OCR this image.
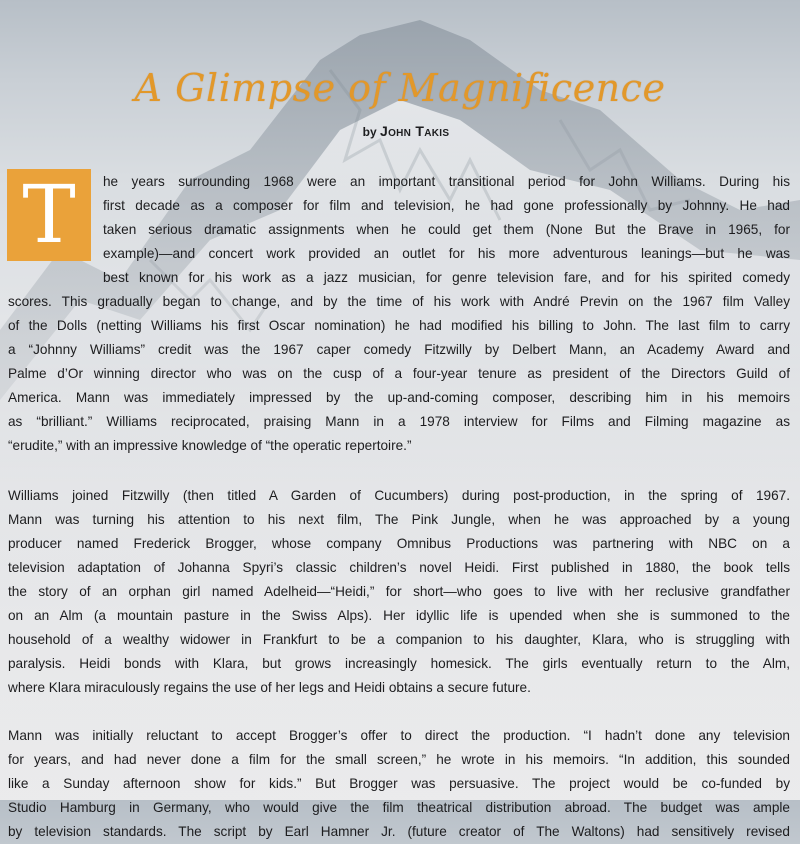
A Glimpse of Magnificence
by John Takis
T	he years surrounding 1968 were an important transitional period for John Williams. During his
first decade as a composer for film and television, he had gone professionally by Johnny. He had
taken serious dramatic assignments when he could get them (None But the Brave in 1965, for
example)—and concert work provided an outlet for his more adventurous leanings—but he was
best known for his work as a jazz musician, for genre television fare, and for his spirited comedy
scores. This gradually began to change, and by the time of his work with André Previn on the 1967 film Valley
of the Dolls (netting Williams his first Oscar nomination) he had modified his billing to John. The last film to carry
a “Johnny Williams” credit was the 1967 caper comedy Fitzwilly by Delbert Mann, an Academy Award and
Palme d’Or winning director who was on the cusp of a four-year tenure as president of the Directors Guild of
America. Mann was immediately impressed by the up-and-coming composer, describing him in his memoirs
as “brilliant.” Williams reciprocated, praising Mann in a 1978 interview for Films and Filming magazine as
“erudite,” with an impressive knowledge of “the operatic repertoire.”
Williams joined Fitzwilly (then titled A Garden of Cucumbers) during post-production, in the spring of 1967.
Mann was turning his attention to his next film, The Pink Jungle, when he was approached by a young
producer named Frederick Brogger, whose company Omnibus Productions was partnering with NBC on a
television adaptation of Johanna Spyri’s classic children’s novel Heidi. First published in 1880, the book tells
the story of an orphan girl named Adelheid—“Heidi,” for short—who goes to live with her reclusive grandfather
on an Alm (a mountain pasture in the Swiss Alps). Her idyllic life is upended when she is summoned to the
household of a wealthy widower in Frankfurt to be a companion to his daughter, Klara, who is struggling with
paralysis. Heidi bonds with Klara, but grows increasingly homesick. The girls eventually return to the Alm,
where Klara miraculously regains the use of her legs and Heidi obtains a secure future.
Mann was initially reluctant to accept Brogger’s offer to direct the production. “I hadn’t done any television
for years, and had never done a film for the small screen,” he wrote in his memoirs. “In addition, this sounded
like a Sunday afternoon show for kids.” But Brogger was persuasive. The project would be co-funded by
Studio Hamburg in Germany, who would give the film theatrical distribution abroad. The budget was ample
by television standards. The script by Earl Hamner Jr. (future creator of The Waltons) had sensitively revised
